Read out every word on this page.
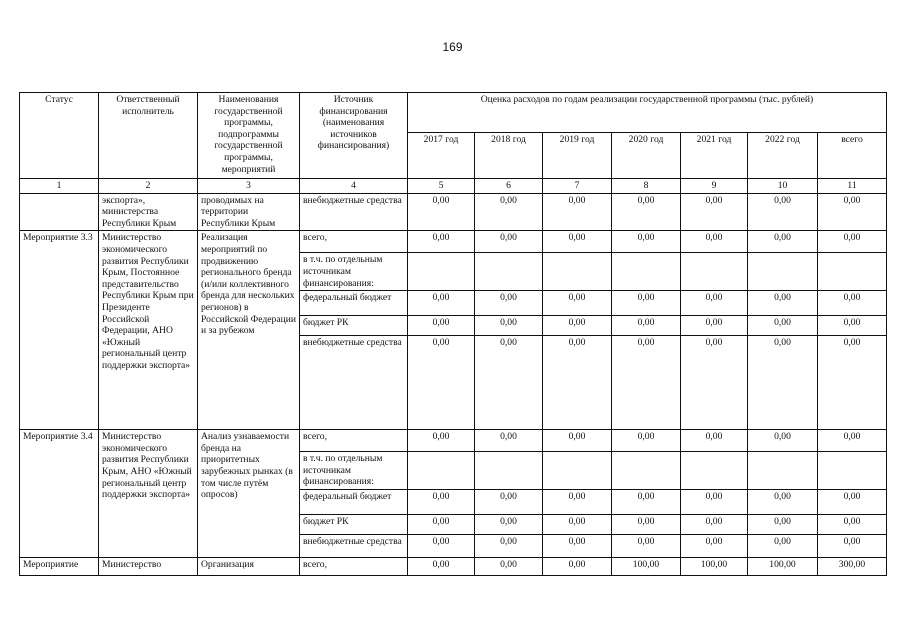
169
Статус	Ответственный исполнитель	Наименования государственной программы, подпрограммы государственной программы, мероприятий	Источник финансирования (наименования источников финансирования)	Оценка расходов по годам реализации государственной программы (тыс. рублей)						
				2017 год	2018 год	2019 год	2020 год	2021 год	2022 год	всего
1	2	3	4	5	6	7	8	9	10	11
	экспорта», министерства Республики Крым	проводимых на территории Республики Крым	внебюджетные средства	0,00	0,00	0,00	0,00	0,00	0,00	0,00
Мероприятие 3.3	Министерство экономического развития Республики Крым, Постоянное представительство Республики Крым при Президенте Российской Федерации, АНО «Южный региональный центр поддержки экспорта»	Реализация мероприятий по продвижению регионального бренда (и/или коллективного бренда для нескольких регионов) в Российской Федерации и за рубежом	всего,	0,00	0,00	0,00	0,00	0,00	0,00	0,00
			в т.ч. по отдельным источникам финансирования:							
			федеральный бюджет	0,00	0,00	0,00	0,00	0,00	0,00	0,00
			бюджет РК	0,00	0,00	0,00	0,00	0,00	0,00	0,00
			внебюджетные средства	0,00	0,00	0,00	0,00	0,00	0,00	0,00
Мероприятие 3.4	Министерство экономического развития Республики Крым, АНО «Южный региональный центр поддержки экспорта»	Анализ узнаваемости бренда на приоритетных зарубежных рынках (в том числе путём опросов)	всего,	0,00	0,00	0,00	0,00	0,00	0,00	0,00
			в т.ч. по отдельным источникам финансирования:							
			федеральный бюджет	0,00	0,00	0,00	0,00	0,00	0,00	0,00
			бюджет РК	0,00	0,00	0,00	0,00	0,00	0,00	0,00
			внебюджетные средства	0,00	0,00	0,00	0,00	0,00	0,00	0,00
Мероприятие	Министерство	Организация	всего,	0,00	0,00	0,00	100,00	100,00	100,00	300,00
